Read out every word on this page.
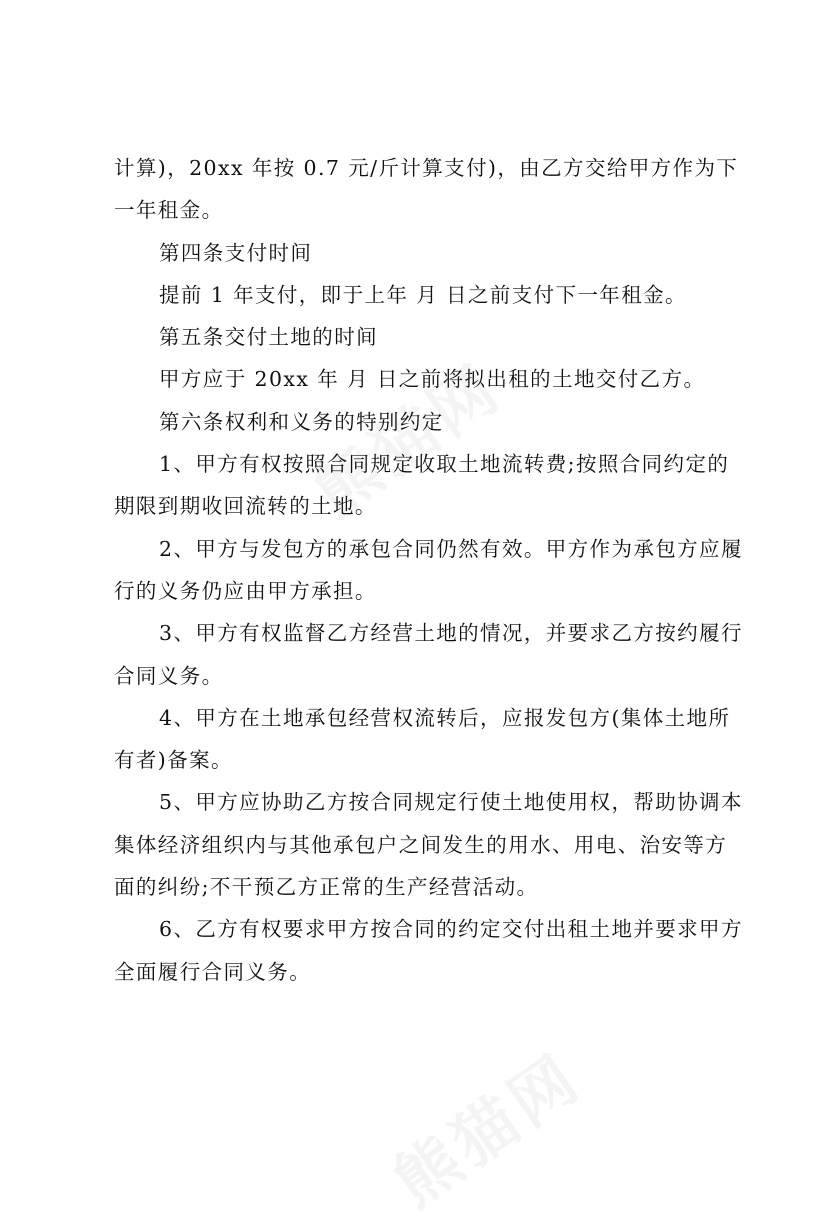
计算)，20xx 年按 0.7 元/斤计算支付)，由乙方交给甲方作为下
一年租金。
第四条支付时间
提前 1 年支付，即于上年 月 日之前支付下一年租金。
第五条交付土地的时间
甲方应于 20xx 年 月 日之前将拟出租的土地交付乙方。
第六条权利和义务的特别约定
1、甲方有权按照合同规定收取土地流转费;按照合同约定的
期限到期收回流转的土地。
2、甲方与发包方的承包合同仍然有效。甲方作为承包方应履
行的义务仍应由甲方承担。
3、甲方有权监督乙方经营土地的情况，并要求乙方按约履行
合同义务。
4、甲方在土地承包经营权流转后，应报发包方(集体土地所
有者)备案。
5、甲方应协助乙方按合同规定行使土地使用权，帮助协调本
集体经济组织内与其他承包户之间发生的用水、用电、治安等方
面的纠纷;不干预乙方正常的生产经营活动。
6、乙方有权要求甲方按合同的约定交付出租土地并要求甲方
全面履行合同义务。
